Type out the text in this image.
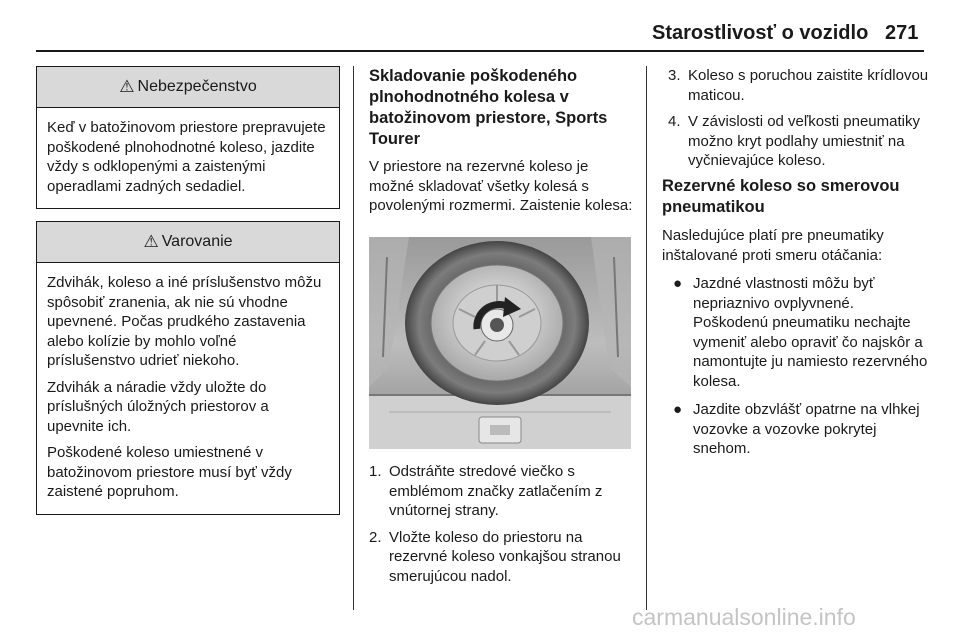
Starostlivosť o vozidlo 271
⚠ Nebezpečenstvo

Keď v batožinovom priestore prepravujete poškodené plnohodnotné koleso, jazdite vždy s odklopenými a zaistenými operadlami zadných sedadiel.

⚠ Varovanie

Zdvihák, koleso a iné príslušenstvo môžu spôsobiť zranenia, ak nie sú vhodne upevnené. Počas prudkého zastavenia alebo kolízie by mohlo voľné príslušenstvo udrieť niekoho.

Zdvihák a náradie vždy uložte do príslušných úložných priestorov a upevnite ich.

Poškodené koleso umiestnené v batožinovom priestore musí byť vždy zaistené popruhom.

Skladovanie poškodeného plnohodnotného kolesa v batožinovom priestore, Sports Tourer

V priestore na rezervné koleso je možné skladovať všetky kolesá s povolenými rozmermi. Zaistenie kolesa:

1. Odstráňte stredové viečko s emblémom značky zatlačením z vnútornej strany.
2. Vložte koleso do priestoru na rezervné koleso vonkajšou stranou smerujúcou nadol.
3. Koleso s poruchou zaistite krídlovou maticou.
4. V závislosti od veľkosti pneumatiky možno kryt podlahy umiestniť na vyčnievajúce koleso.
Rezervné koleso so smerovou pneumatikou

Nasledujúce platí pre pneumatiky inštalované proti smeru otáčania:

● Jazdné vlastnosti môžu byť nepriaznivo ovplyvnené. Poškodenú pneumatiku nechajte vymeniť alebo opraviť čo najskôr a namontujte ju namiesto rezervného kolesa.
● Jazdite obzvlášť opatrne na vlhkej vozovke a vozovke pokrytej snehom.
carmanualsonline.info
